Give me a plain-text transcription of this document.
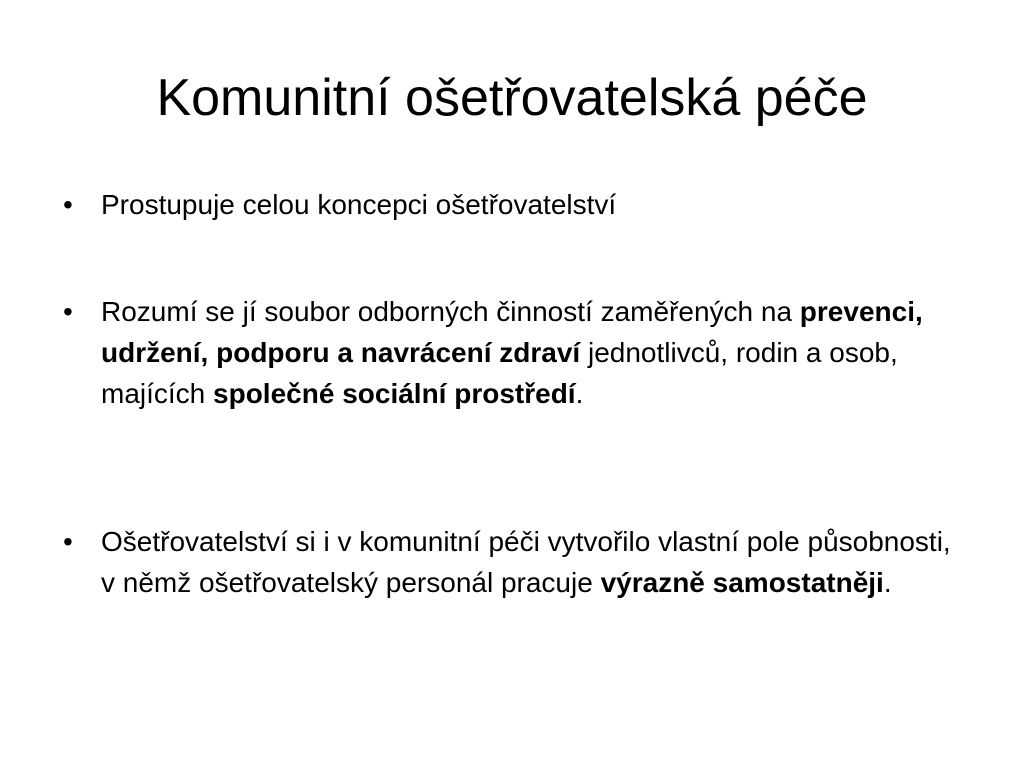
Komunitní ošetřovatelská péče
• Prostupuje celou koncepci ošetřovatelství
• Rozumí se jí soubor odborných činností zaměřených na prevenci, udržení, podporu a navrácení zdraví jednotlivců, rodin a osob, majících společné sociální prostředí.
• Ošetřovatelství si i v komunitní péči vytvořilo vlastní pole působnosti, v němž ošetřovatelský personál pracuje výrazně samostatněji.
